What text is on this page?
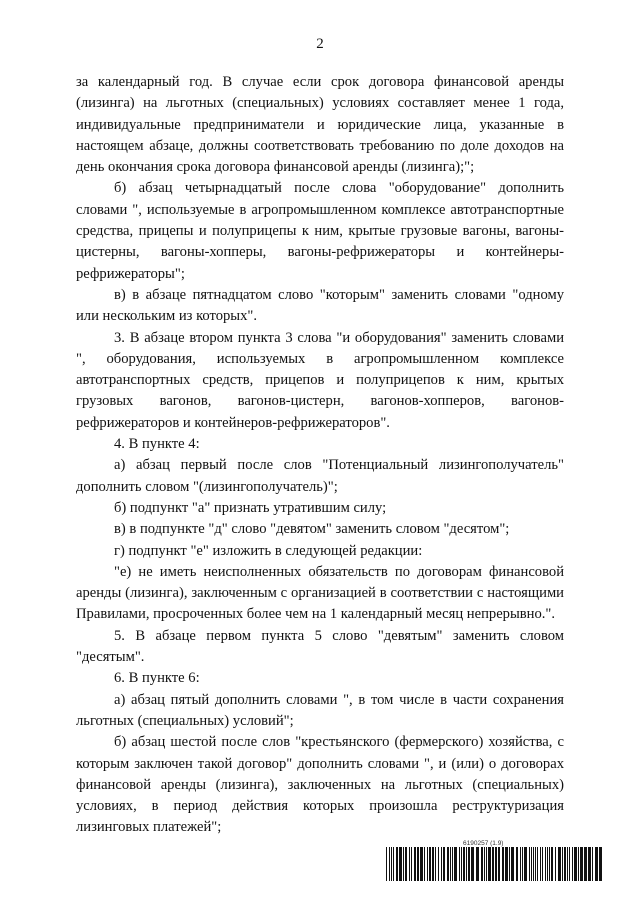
2

за календарный год. В случае если срок договора финансовой аренды (лизинга) на льготных (специальных) условиях составляет менее 1 года, индивидуальные предприниматели и юридические лица, указанные в настоящем абзаце, должны соответствовать требованию по доле доходов на день окончания срока договора финансовой аренды (лизинга);";

б) абзац четырнадцатый после слова "оборудование" дополнить словами ", используемые в агропромышленном комплексе автотранспортные средства, прицепы и полуприцепы к ним, крытые грузовые вагоны, вагоны-цистерны, вагоны-хопперы, вагоны-рефрижераторы и контейнеры-рефрижераторы";

в) в абзаце пятнадцатом слово "которым" заменить словами "одному или нескольким из которых".

3. В абзаце втором пункта 3 слова "и оборудования" заменить словами ", оборудования, используемых в агропромышленном комплексе автотранспортных средств, прицепов и полуприцепов к ним, крытых грузовых вагонов, вагонов-цистерн, вагонов-хопперов, вагонов-рефрижераторов и контейнеров-рефрижераторов".

4. В пункте 4:

а) абзац первый после слов "Потенциальный лизингополучатель" дополнить словом "(лизингополучатель)";

б) подпункт "а" признать утратившим силу;

в) в подпункте "д" слово "девятом" заменить словом "десятом";

г) подпункт "е" изложить в следующей редакции:

"е) не иметь неисполненных обязательств по договорам финансовой аренды (лизинга), заключенным с организацией в соответствии с настоящими Правилами, просроченных более чем на 1 календарный месяц непрерывно.".

5. В абзаце первом пункта 5 слово "девятым" заменить словом "десятым".

6. В пункте 6:

а) абзац пятый дополнить словами ", в том числе в части сохранения льготных (специальных) условий";

б) абзац шестой после слов "крестьянского (фермерского) хозяйства, с которым заключен такой договор" дополнить словами ", и (или) о договорах финансовой аренды (лизинга), заключенных на льготных (специальных) условиях, в период действия которых произошла реструктуризация лизинговых платежей";

6190257 (1.9)
